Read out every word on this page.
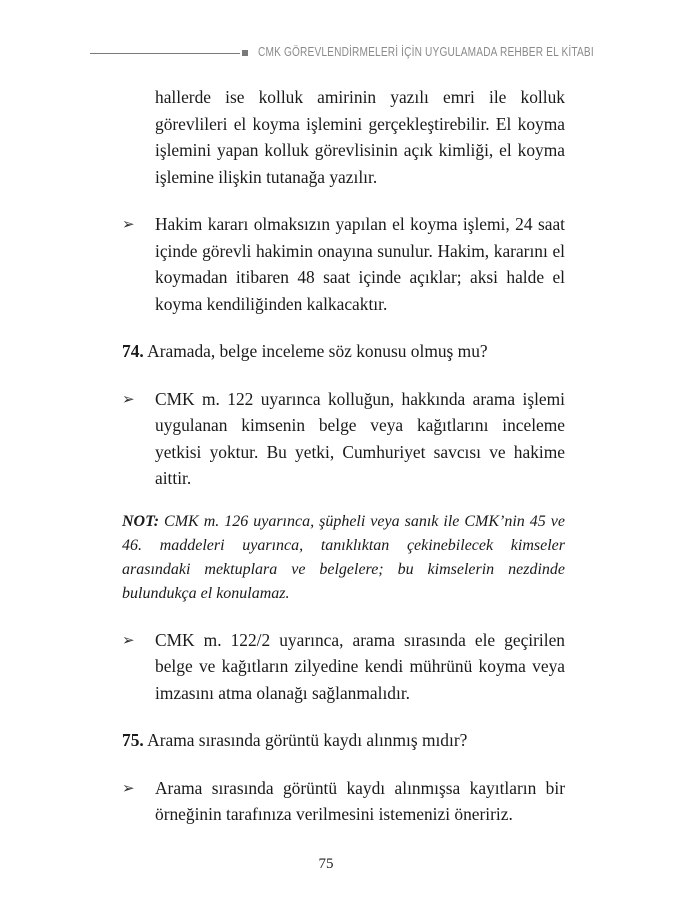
CMK GÖREVLENDİRMELERİ İÇİN UYGULAMADA REHBER EL KİTABI

hallerde ise kolluk amirinin yazılı emri ile kolluk görevlileri el koyma işlemini gerçekleştirebilir. El koyma işlemini yapan kolluk görevlisinin açık kimliği, el koyma işlemine ilişkin tutanağa yazılır.

➢ Hakim kararı olmaksızın yapılan el koyma işlemi, 24 saat içinde görevli hakimin onayına sunulur. Hakim, kararını el koymadan itibaren 48 saat içinde açıklar; aksi halde el koyma kendiliğinden kalkacaktır.

74. Aramada, belge inceleme söz konusu olmuş mu?

➢ CMK m. 122 uyarınca kolluğun, hakkında arama işlemi uygulanan kimsenin belge veya kağıtlarını inceleme yetkisi yoktur. Bu yetki, Cumhuriyet savcısı ve hakime aittir.

NOT: CMK m. 126 uyarınca, şüpheli veya sanık ile CMK’nin 45 ve 46. maddeleri uyarınca, tanıklıktan çekinebilecek kimseler arasındaki mektuplara ve belgelere; bu kimselerin nezdinde bulundukça el konulamaz.

➢ CMK m. 122/2 uyarınca, arama sırasında ele geçirilen belge ve kağıtların zilyedine kendi mührünü koyma veya imzasını atma olanağı sağlanmalıdır.

75. Arama sırasında görüntü kaydı alınmış mıdır?

➢ Arama sırasında görüntü kaydı alınmışsa kayıtların bir örneğinin tarafınıza verilmesini istemenizi öneririz.
75
